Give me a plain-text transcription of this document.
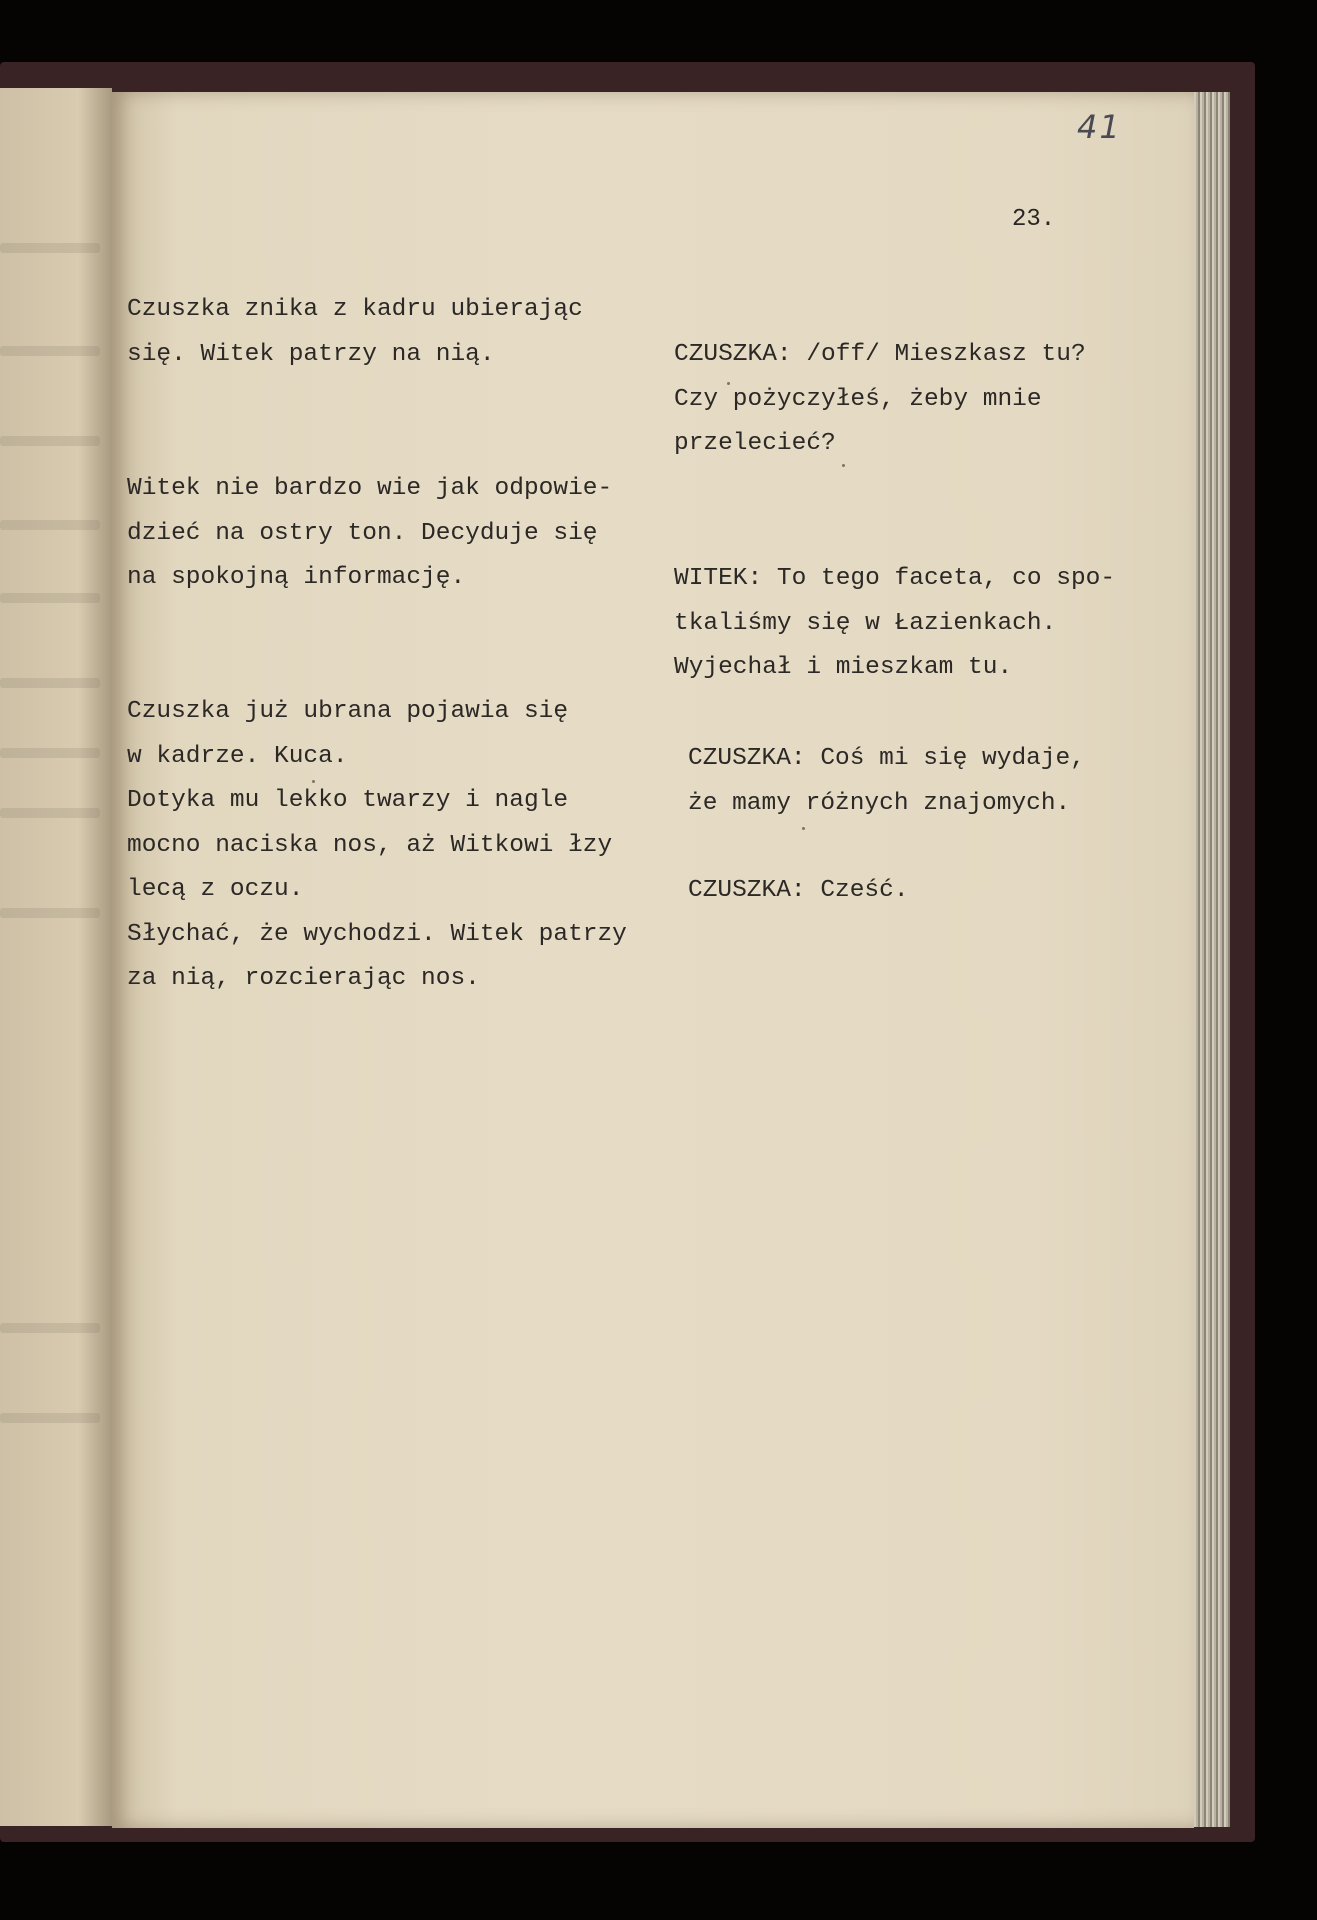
41
23.
Czuszka znika z kadru ubierając
się. Witek patrzy na nią.
Witek nie bardzo wie jak odpowie-
dzieć na ostry ton. Decyduje się
na spokojną informację.
Czuszka już ubrana pojawia się
w kadrze. Kuca.
Dotyka mu lekko twarzy i nagle
mocno naciska nos, aż Witkowi łzy
lecą z oczu.
Słychać, że wychodzi. Witek patrzy
za nią, rozcierając nos.
CZUSZKA: /off/ Mieszkasz tu?
Czy pożyczyłeś, żeby mnie
przelecieć?
WITEK: To tego faceta, co spo-
tkaliśmy się w Łazienkach.
Wyjechał i mieszkam tu.
CZUSZKA: Coś mi się wydaje,
że mamy różnych znajomych.
CZUSZKA: Cześć.
